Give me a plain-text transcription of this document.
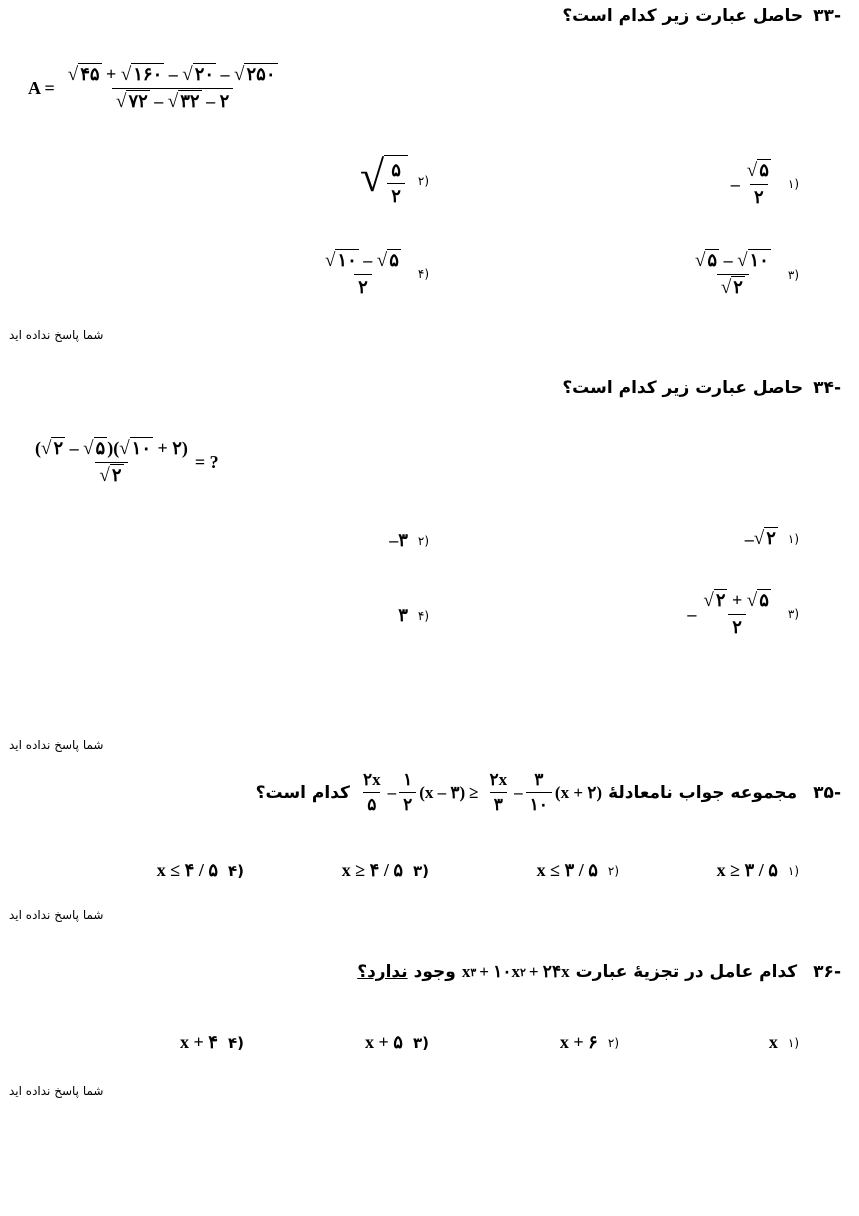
-۳۳حاصل عبارت زیر کدام است؟
$A = \frac{√ ۴۵ + √ ۱۶۰ - √ ۲۰ - √ ۲۵۰}{√ ۷۲ - √ ۳۲ - ۲}$
(۱
– $\frac{√ ۵}{۲}$
(۲
√ $\frac{۵}{۲}$
(۳
$\frac{√ ۵ - √ ۱۰}{√ ۲}$
(۴
$\frac{√ ۱۰ - √ ۵}{۲}$
شما پاسخ نداده اید
-۳۴حاصل عبارت زیر کدام است؟
$\frac{(√ ۲ - √ ۵ )(√ ۱۰ + ۲)}{√ ۲}$ = ?
(۱
– √ ۲
(۲
–۳
(۳
– $\frac{√ ۲ + √ ۵}{۲}$
(۴
۳
شما پاسخ نداده اید
-۳۵
مجموعه جواب نامعادلهٔ
$\frac{۲x}{۵} - \frac{۱}{۲} (x$ – ۳) ≥ $\frac{۲x}{۳} - \frac{۳}{۱۰} (x$ + ۲)
کدام است؟
(۱
x ≥ ۳ / ۵
(۲
x ≤ ۳ / ۵
(۳
x ≥ ۴ / ۵
(۴
x ≤ ۴ / ۵
شما پاسخ نداده اید
-۳۶
کدام عامل در تجزیهٔ عبارت
x ۳ + ۱۰x ۲ + ۲۴x
وجود
ندارد؟
(۱
x
(۲
x + ۶
(۳
x + ۵
(۴
x + ۴
شما پاسخ نداده اید
